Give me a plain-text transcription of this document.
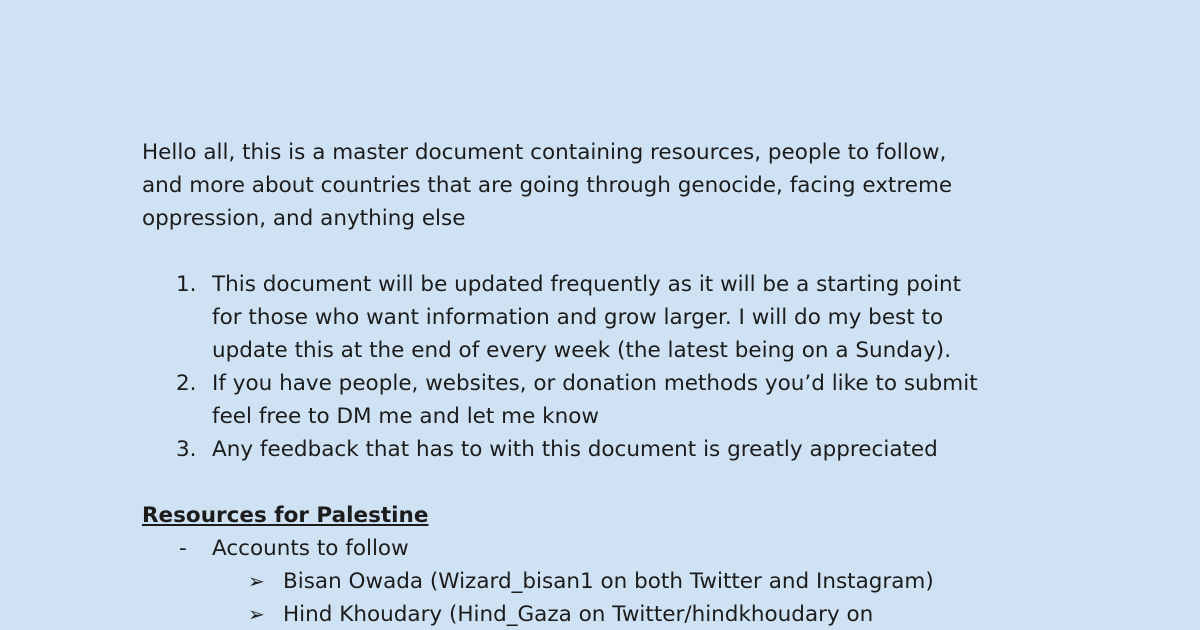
Hello all, this is a master document containing resources, people to follow,
and more about countries that are going through genocide, facing extreme
oppression, and anything else
1. This document will be updated frequently as it will be a starting point
for those who want information and grow larger. I will do my best to
update this at the end of every week (the latest being on a Sunday).
2. If you have people, websites, or donation methods you’d like to submit
feel free to DM me and let me know
3. Any feedback that has to with this document is greatly appreciated
Resources for Palestine
- Accounts to follow
➢ Bisan Owada (Wizard_bisan1 on both Twitter and Instagram)
➢ Hind Khoudary (Hind_Gaza on Twitter/hindkhoudary on
